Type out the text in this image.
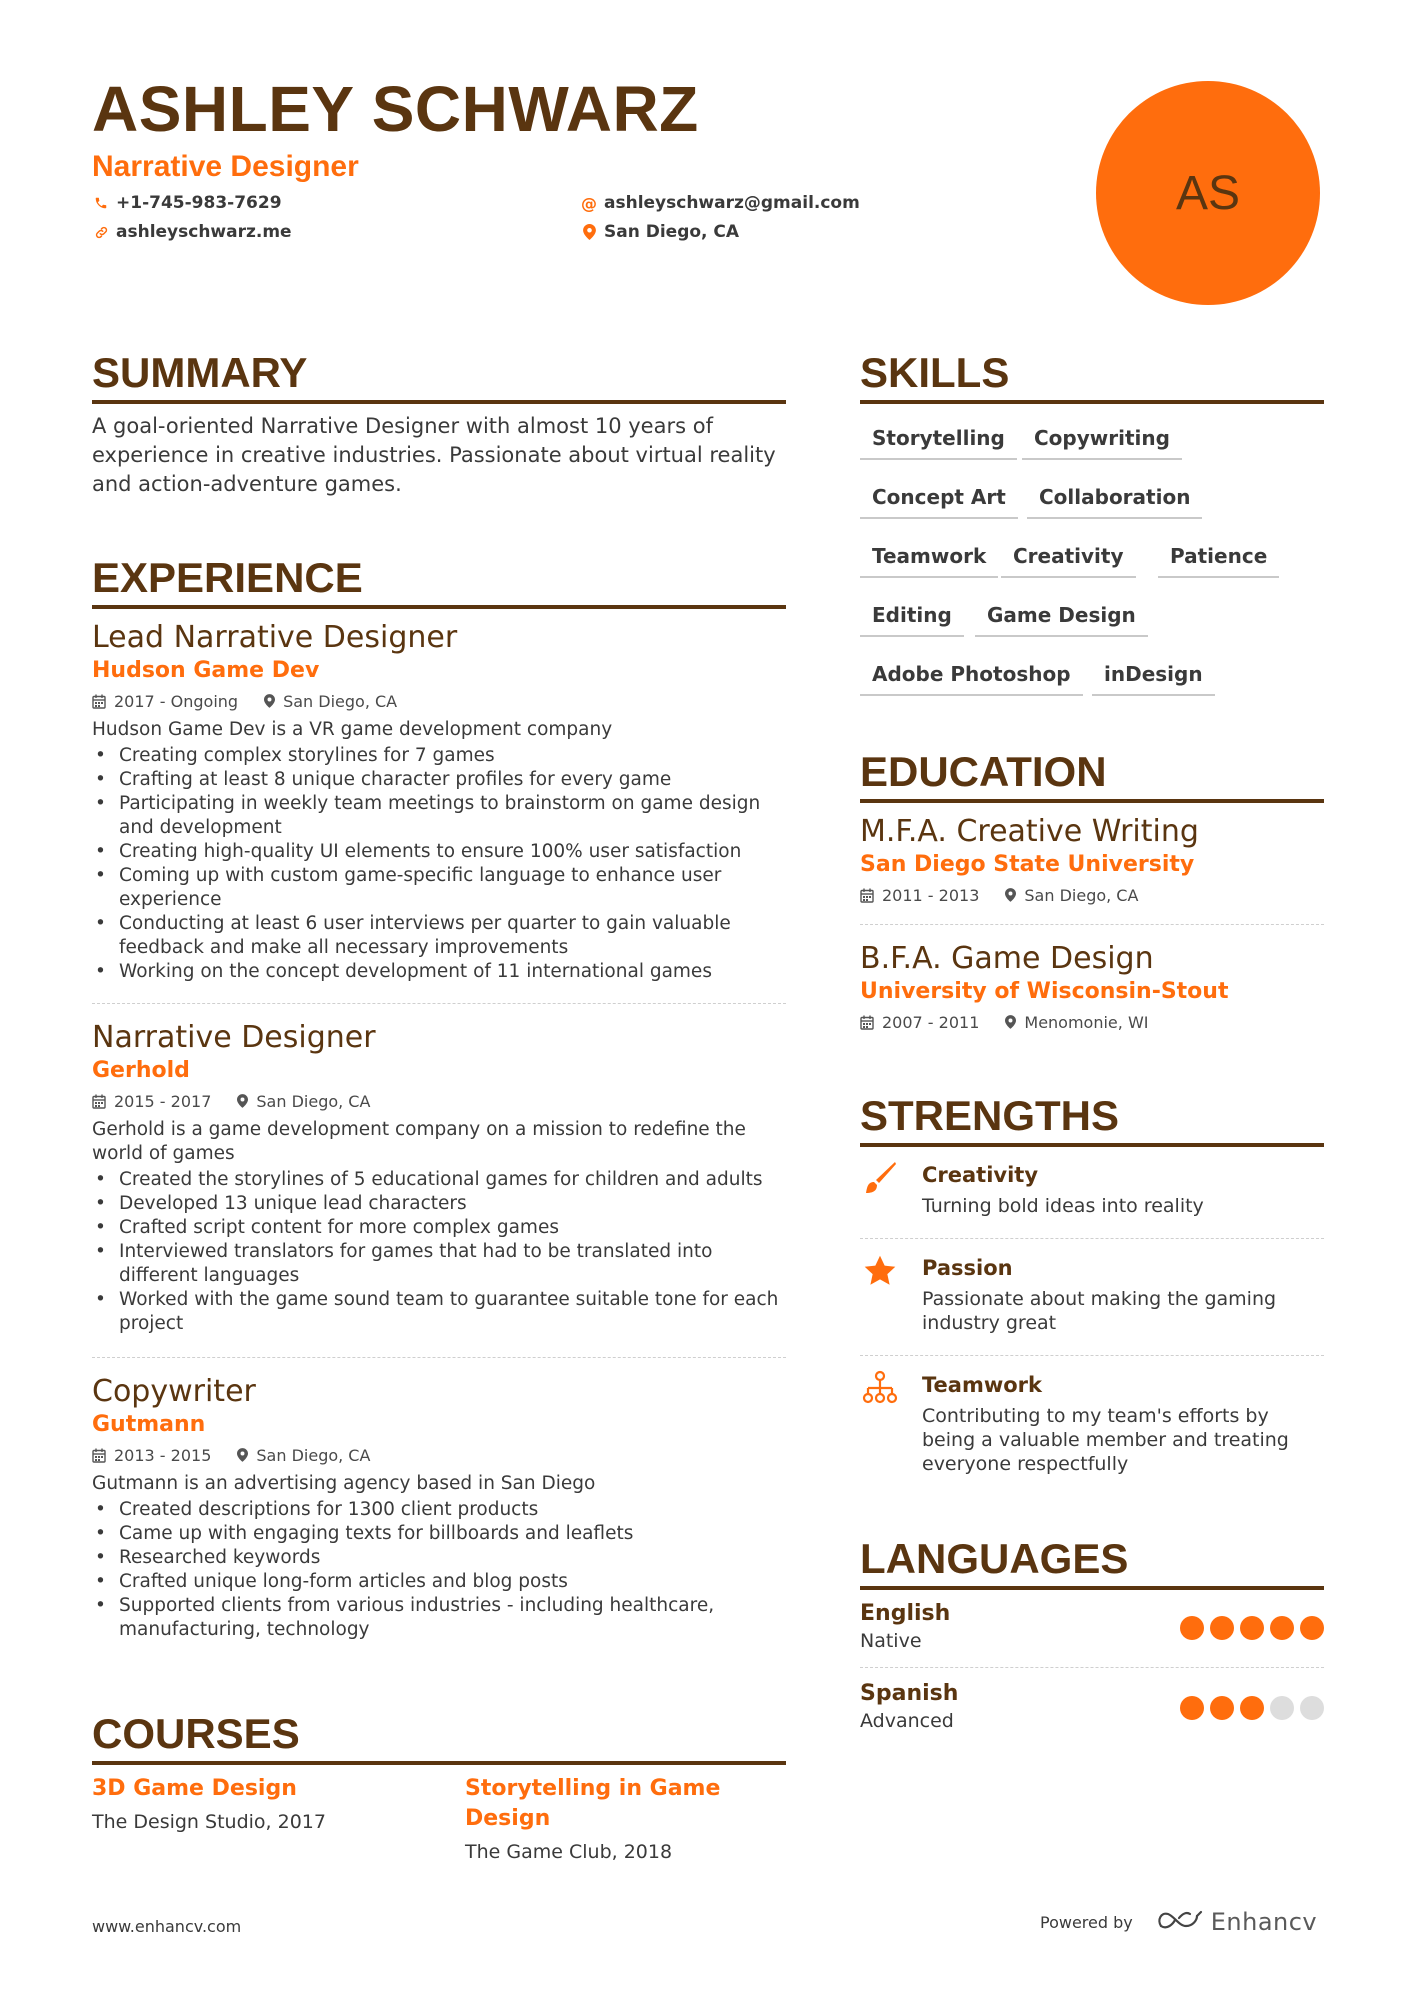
ASHLEY SCHWARZ
Narrative Designer
+1-745-983-7629	@ ashleyschwarz@gmail.com
ashleyschwarz.me	San Diego, CA
AS
SUMMARY
A goal-oriented Narrative Designer with almost 10 years of experience in creative industries. Passionate about virtual reality and action-adventure games.
EXPERIENCE
Lead Narrative Designer
Hudson Game Dev
2017 - Ongoing	San Diego, CA
Hudson Game Dev is a VR game development company
• Creating complex storylines for 7 games
• Crafting at least 8 unique character profiles for every game
• Participating in weekly team meetings to brainstorm on game design and development
• Creating high-quality UI elements to ensure 100% user satisfaction
• Coming up with custom game-specific language to enhance user experience
• Conducting at least 6 user interviews per quarter to gain valuable feedback and make all necessary improvements
• Working on the concept development of 11 international games
Narrative Designer
Gerhold
2015 - 2017	San Diego, CA
Gerhold is a game development company on a mission to redefine the world of games
• Created the storylines of 5 educational games for children and adults
• Developed 13 unique lead characters
• Crafted script content for more complex games
• Interviewed translators for games that had to be translated into different languages
• Worked with the game sound team to guarantee suitable tone for each project
Copywriter
Gutmann
2013 - 2015	San Diego, CA
Gutmann is an advertising agency based in San Diego
• Created descriptions for 1300 client products
• Came up with engaging texts for billboards and leaflets
• Researched keywords
• Crafted unique long-form articles and blog posts
• Supported clients from various industries - including healthcare, manufacturing, technology
COURSES
3D Game Design
The Design Studio, 2017
Storytelling in Game Design
The Game Club, 2018
SKILLS
Storytelling	Copywriting
Concept Art	Collaboration
Teamwork	Creativity	Patience
Editing	Game Design
Adobe Photoshop	inDesign
EDUCATION
M.F.A. Creative Writing
San Diego State University
2011 - 2013	San Diego, CA
B.F.A. Game Design
University of Wisconsin-Stout
2007 - 2011	Menomonie, WI
STRENGTHS
Creativity
Turning bold ideas into reality
Passion
Passionate about making the gaming industry great
Teamwork
Contributing to my team's efforts by being a valuable member and treating everyone respectfully
LANGUAGES
English
Native
Spanish
Advanced
www.enhancv.com	Powered by	Enhancv
